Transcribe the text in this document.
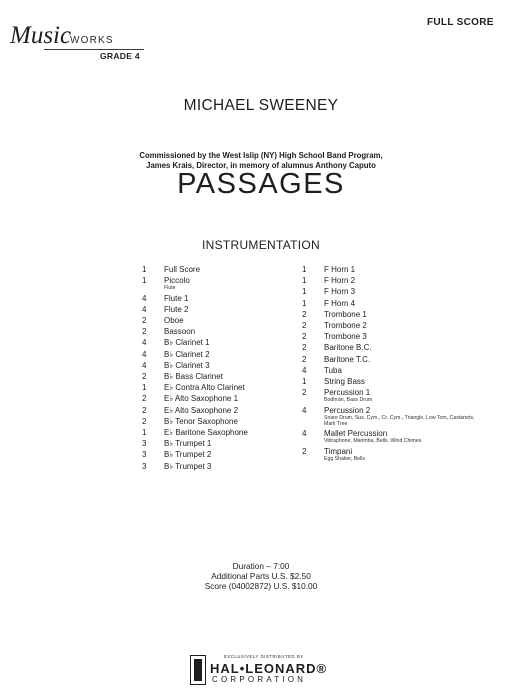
Music
WORKS
GRADE 4
FULL SCORE
MICHAEL SWEENEY
Commissioned by the West Islip (NY) High School Band Program,
James Krais, Director, in memory of alumnus Anthony Caputo
PASSAGES
INSTRUMENTATION
1	Full Score
1	Piccolo
Flute
4	Flute 1
4	Flute 2
2	Oboe
2	Bassoon
4	B♭ Clarinet 1
4	B♭ Clarinet 2
4	B♭ Clarinet 3
2	B♭ Bass Clarinet
1	E♭ Contra Alto Clarinet
2	E♭ Alto Saxophone 1
2	E♭ Alto Saxophone 2
2	B♭ Tenor Saxophone
1	E♭ Baritone Saxophone
3	B♭ Trumpet 1
3	B♭ Trumpet 2
3	B♭ Trumpet 3
1	F Horn 1
1	F Horn 2
1	F Horn 3
1	F Horn 4
2	Trombone 1
2	Trombone 2
2	Trombone 3
2	Baritone B.C.
2	Baritone T.C.
4	Tuba
1	String Bass
2	Percussion 1
Bodhrán, Bass Drum
4	Percussion 2
Snare Drum, Sus. Cym., Cr. Cym., Triangle, Low Tom, Castanets, Mark Tree
4	Mallet Percussion
Vibraphone, Marimba, Bells, Wind Chimes
2	Timpani
Egg Shaker, Bells
Duration – 7:00
Additional Parts U.S. $2.50
Score (04002872) U.S. $10.00
EXCLUSIVELY DISTRIBUTED BY
HAL•LEONARD®
CORPORATION
